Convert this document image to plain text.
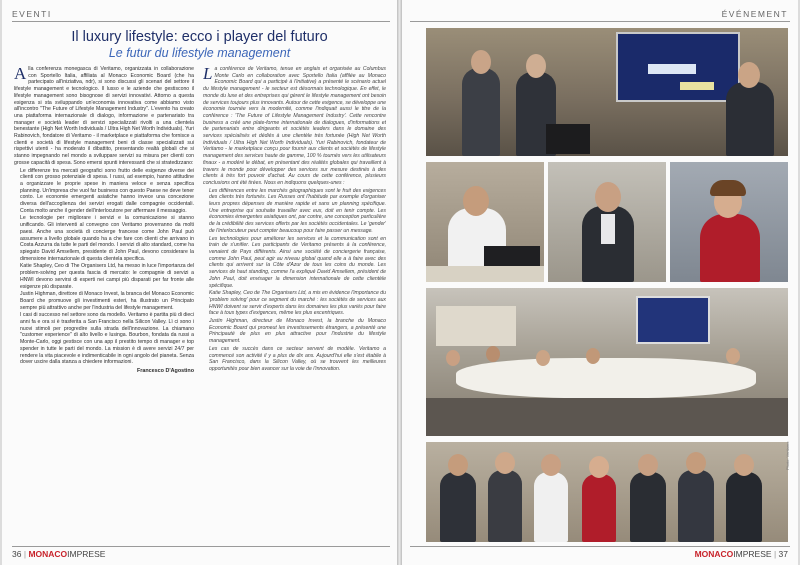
EVENTI
Il luxury lifestyle: ecco i player del futuro
Le futur du lifestyle management

Alla conferenza monegasca di Veritamo, organizzata in collaborazione con Sportello Italia, affiliata al Monaco Economic Board (che ha partecipato all'iniziativa, ndr), si sono discussi gli scenari del settore il lifestyle management e tecnologico. Il lusso e le aziende che gestiscono il lifestyle management sono bisognose di servizi innovativi. Attorno a questa esigenza si sta sviluppando un'economia innovativa come abbiamo visto all'incontro "The Future of Lifestyle Management Industry". L'evento ha creato una piattaforma internazionale di dialogo, informazione e partenariato tra manager e società leader di servizi specializzati rivolti a una clientela benestante (High Net Worth Individuals / Ultra High Net Worth Individuals). Yuri Rabinovich, fondatore di Veritamo - il marketplace e piattaforma che fornisce a clienti e società di lifestyle management beni di classe specializzati sui rispettivi utenti - ha moderato il dibattito, presentando realtà globali che si stanno impegnando nel mondo a sviluppare servizi su misura per clienti con grosse capacità di spesa. Sono emersi spunti interessanti che si stratedizzano:

• Le differenze tra mercati geografici sono frutto delle esigenze diverse dei clienti con grosso potenziale di spesa. I russi, ad esempio, hanno attitudine a organizzare le proprie spese in maniera veloce e senza specifica planning. Un'impresa che vuol far business con questo Paese ne deve tener conto. Le economie emergenti asiatiche hanno invece una concezione diversa dell'accoglienza dei servizi erogati dalle compagnie occidentali. Conta molto anche il gender dell'interlocutore per affermare il messaggio.
• Le tecnologie per migliorare i servizi e la comunicazione si stanno unificando. Gli interventi al convegno con Veritamo proverranno da molti paesi. Anche una società di concierge francese come John Paul può assumere a livello globale quando ha a che fare con clienti che arrivano in Costa Azzurra da tutte le parti del mondo. I servizi di alto standard, come ha spiegato David Amsellem, presidente di John Paul, devono considerare la dimensione internazionale di questa clientela specifica.
• Katie Shapley, Ceo di The Organisers Ltd, ha messo in luce l'importanza del problem-solving per questa fascia di mercato: le compagnie di servizi a HNWI devono servirsi di esperti nei campi più disparati per far fronte alle esigenze più disparate.
• Justin Highman, direttore di Monaco Invest, la branca del Monaco Economic Board che promuove gli investimenti esteri, ha illustrato un Principato sempre più attrattivo anche per l'industria del lifestyle management.
• I casi di successo nel settore sono da modello. Veritamo è partita più di dieci anni fa e ora si è trasferita a San Francisco nella Silicon Valley. Lì ci sono i nuovi stimoli per progredire sulla strada dell'innovazione. La chiamano "customer experience" di alto livello e lusinga. Bourbon, fondata da russi a Monte-Carlo, oggi gestisce con una app il prestito tempo di manager e top spender in tutte le parti del mondo. La mission è di avere servizi 24/7 per rendere la vita piacevole e indimenticabile in ogni angolo del pianeta. Senza dover uscire dalla stanza a chiedere informazioni.
Francesco D'Agostino

La conférence de Veritamo, tenue en anglais et organisée au Columbus Monte Carlo en collaboration avec Sportello Italia (affilée au Monaco Economic Board qui a participé à l'initiative) a présenté le scénario actuel du lifestyle management - le secteur est désormais technologique. En effet, le monde du luxe et des entreprises qui gèrent le lifestyle management ont besoin de services toujours plus innovants. Autour de cette exigence, se développe une économie tournée vers la modernité, comme l'indiquait aussi le titre de la conférence : 'The Future of Lifestyle Management Industry'. Cette rencontre business a créé une plate-forme internationale de dialogues, d'informations et de partenariats entre dirigeants et sociétés leaders dans le domaine des services spécialisés et dédiés à une clientèle très fortunée (High Net Worth Individuals / Ultra High Net Worth Individuals). Yuri Rabinovich, fondateur de Veritamo - le marketplace conçu pour fournir aux clients et sociétés de lifestyle management des services haute de gamme, 100 % tournés vers les utilisateurs finaux - a modéré le débat, en présentant des réalités globales qui travaillent à travers le monde pour développer des services sur mesure destinés à des clients à très fort pouvoir d'achat. Au cours de cette conférence, plusieurs conclusions ont été tirées. Nous en indiquons quelques-unes :

• Les différences entre les marchés géographiques sont le fruit des exigences des clients très fortunés. Les Russes ont l'habitude par exemple d'organiser leurs propres dépenses de manière rapide et sans un planning spécifique. Une entreprise qui souhaite travailler avec eux, doit en tenir compte. Les économies émergentes asiatiques ont, par contre, une conception particulière de la crédibilité des services offerts par les sociétés occidentales. Le 'gender' de l'interlocuteur peut compter beaucoup pour faire passer un message.
• Les technologies pour améliorer les services et la communication sont en train de s'unifier. Les participants de Veritamo présents à la conférence, venaient de Pays différents. Ainsi une société de conciergerie française, comme John Paul, peut agir au niveau global quand elle a à faire avec des clients qui arrivent sur la Côte d'Azur de tous les coins du monde. Les services de haut standing, comme l'a expliqué David Amsellem, président de John Paul, doit envisager la dimension internationale de cette clientèle spécifique.
• Katie Shapley, Ceo de The Organisers Ltd, a mis en évidence l'importance du 'problem solving' pour ce segment du marché : les sociétés de services aux HNWI doivent se servir d'experts dans les domaines les plus variés pour faire face à tous types d'exigences, même les plus excentriques.
• Justin Highman, directeur de Monaco Invest, la branche du Monaco Economic Board qui promeut les investissements étrangers, a présenté une Principauté de plus en plus attractive pour l'industrie du lifestyle management.
• Les cas de succès dans ce secteur servent de modèle. Veritamo a commencé son activité il y a plus de dix ans. Aujourd'hui elle s'est établie à San Francisco, dans la Silicon Valley, où se trouvent les meilleures opportunités pour bien avancer sur la voie de l'innovation.
36 | MONACOIMPRESE
ÉVÉNEMENT
Photo: Veritamo
MONACOIMPRESE | 37
